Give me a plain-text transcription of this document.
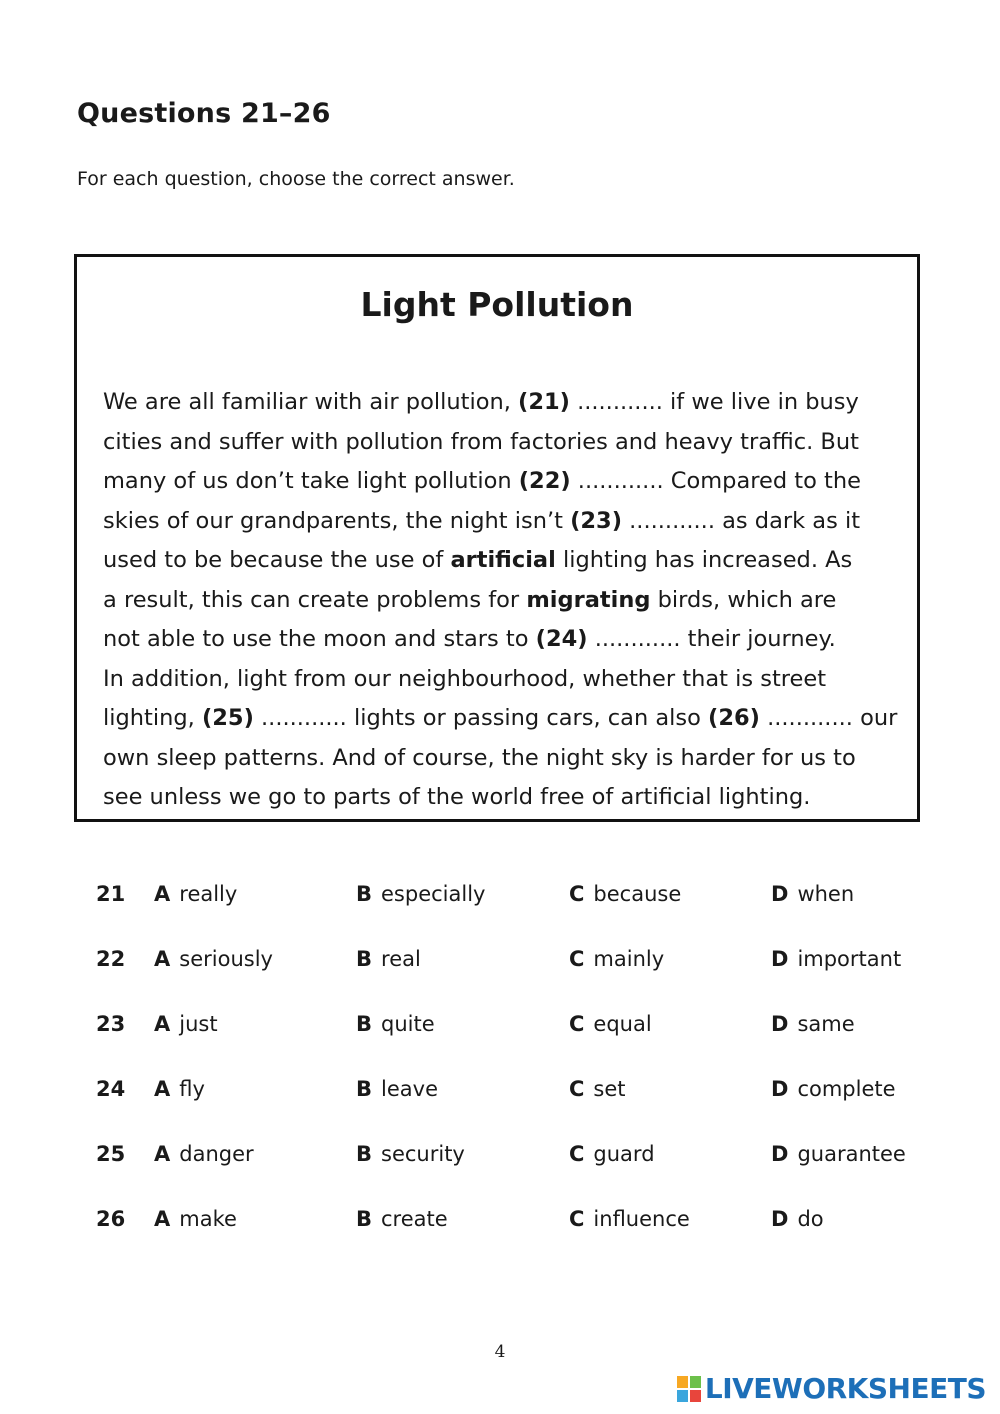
Questions 21–26
For each question, choose the correct answer.
Light Pollution
We are all familiar with air pollution, (21) ............ if we live in busy
cities and suffer with pollution from factories and heavy traffic. But
many of us don’t take light pollution (22) ............ Compared to the
skies of our grandparents, the night isn’t (23) ............ as dark as it
used to be because the use of artificial lighting has increased. As
a result, this can create problems for migrating birds, which are
not able to use the moon and stars to (24) ............ their journey.
In addition, light from our neighbourhood, whether that is street
lighting, (25) ............ lights or passing cars, can also (26) ............ our
own sleep patterns. And of course, the night sky is harder for us to
see unless we go to parts of the world free of artificial lighting.
21 A really	B especially	C because	D when
22 A seriously	B real	C mainly	D important
23 A just	B quite	C equal	D same
24 A fly	B leave	C set	D complete
25 A danger	B security	C guard	D guarantee
26 A make	B create	C influence	D do
4
LIVEWORKSHEETS
